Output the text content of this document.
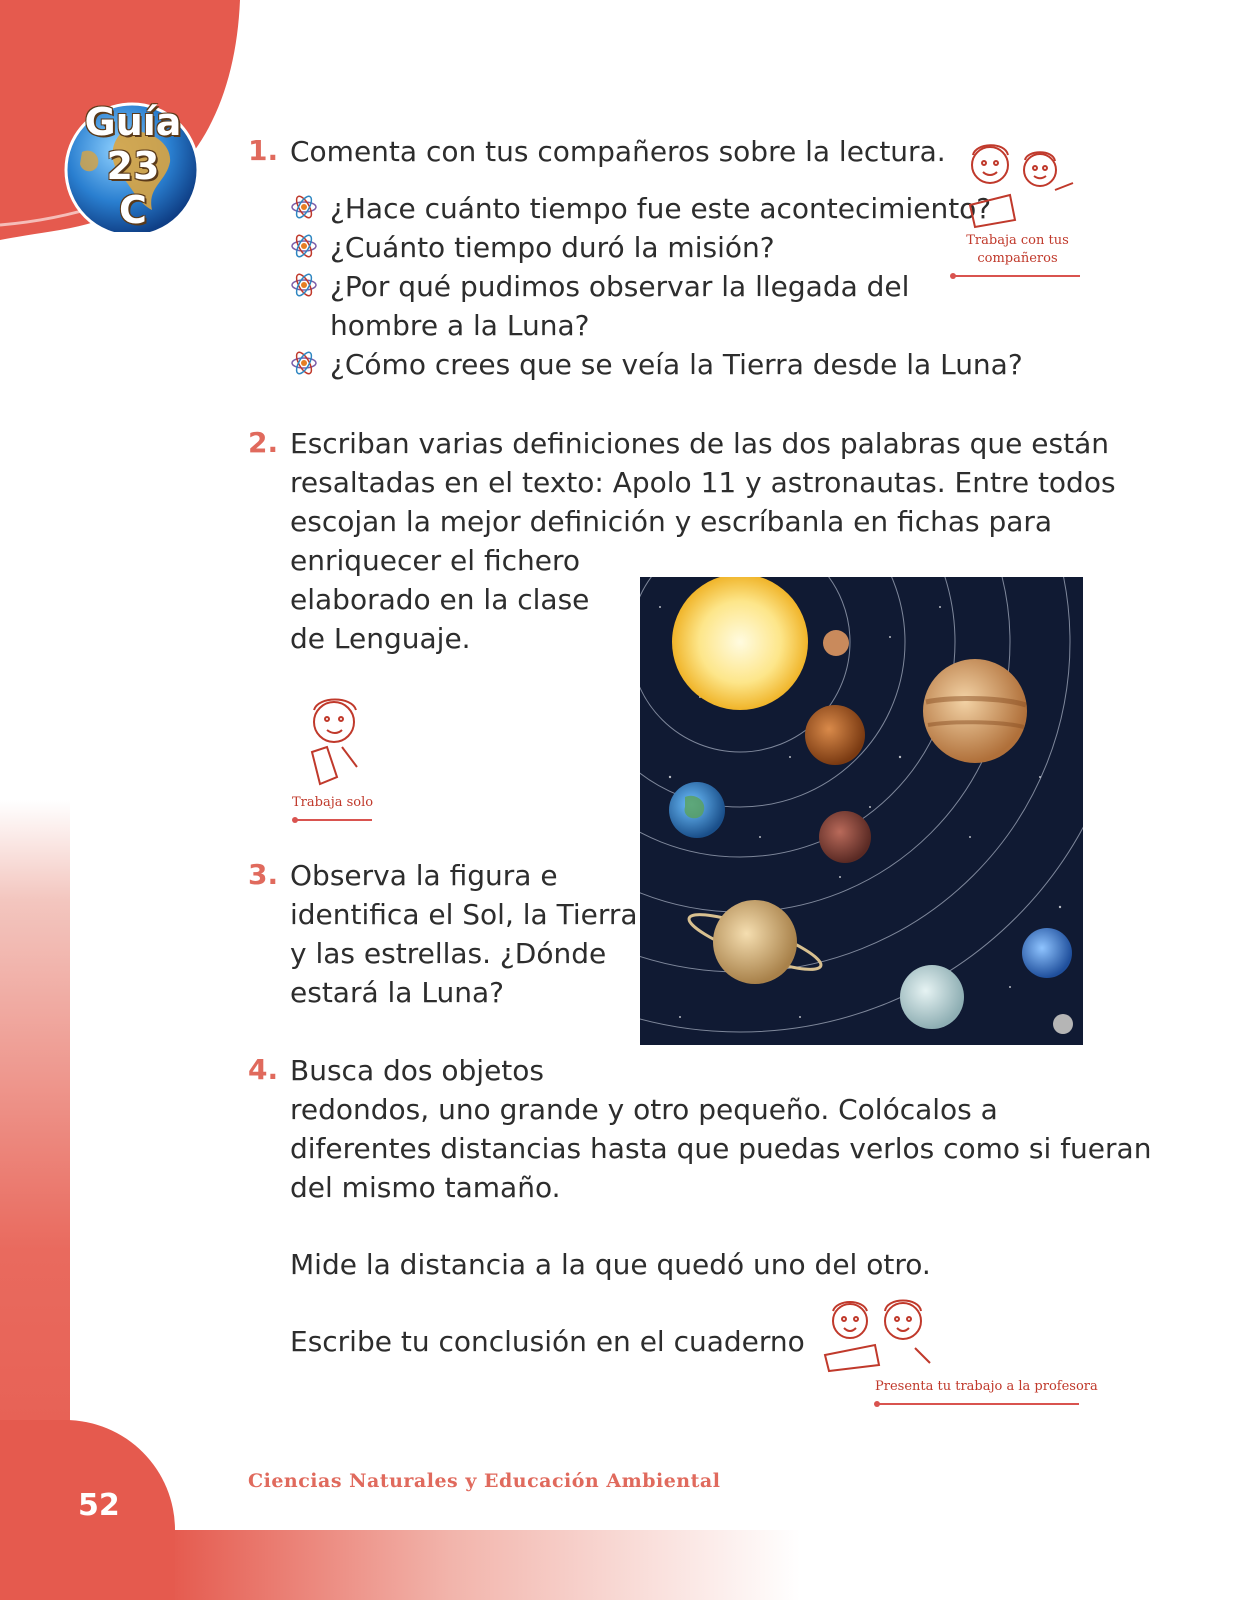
Guía 23
C
1. Comenta con tus compañeros sobre la lectura.
¿Hace cuánto tiempo fue este acontecimiento?
¿Cuánto tiempo duró la misión?
¿Por qué pudimos observar la llegada del
hombre a la Luna?
¿Cómo crees que se veía la Tierra desde la Luna?
Trabaja con tus
compañeros
2. Escriban varias definiciones de las dos palabras que están
resaltadas en el texto: Apolo 11 y astronautas. Entre todos
escojan la mejor definición y escríbanla en fichas para
enriquecer el fichero
elaborado en la clase
de Lenguaje.
Trabaja solo
3. Observa la figura e
identifica el Sol, la Tierra
y las estrellas. ¿Dónde
estará la Luna?
4. Busca dos objetos
redondos, uno grande y otro pequeño. Colócalos a
diferentes distancias hasta que puedas verlos como si fueran
del mismo tamaño.
Mide la distancia a la que quedó uno del otro.
Escribe tu conclusión en el cuaderno
Presenta tu trabajo a la profesora
52
Ciencias Naturales y Educación Ambiental
